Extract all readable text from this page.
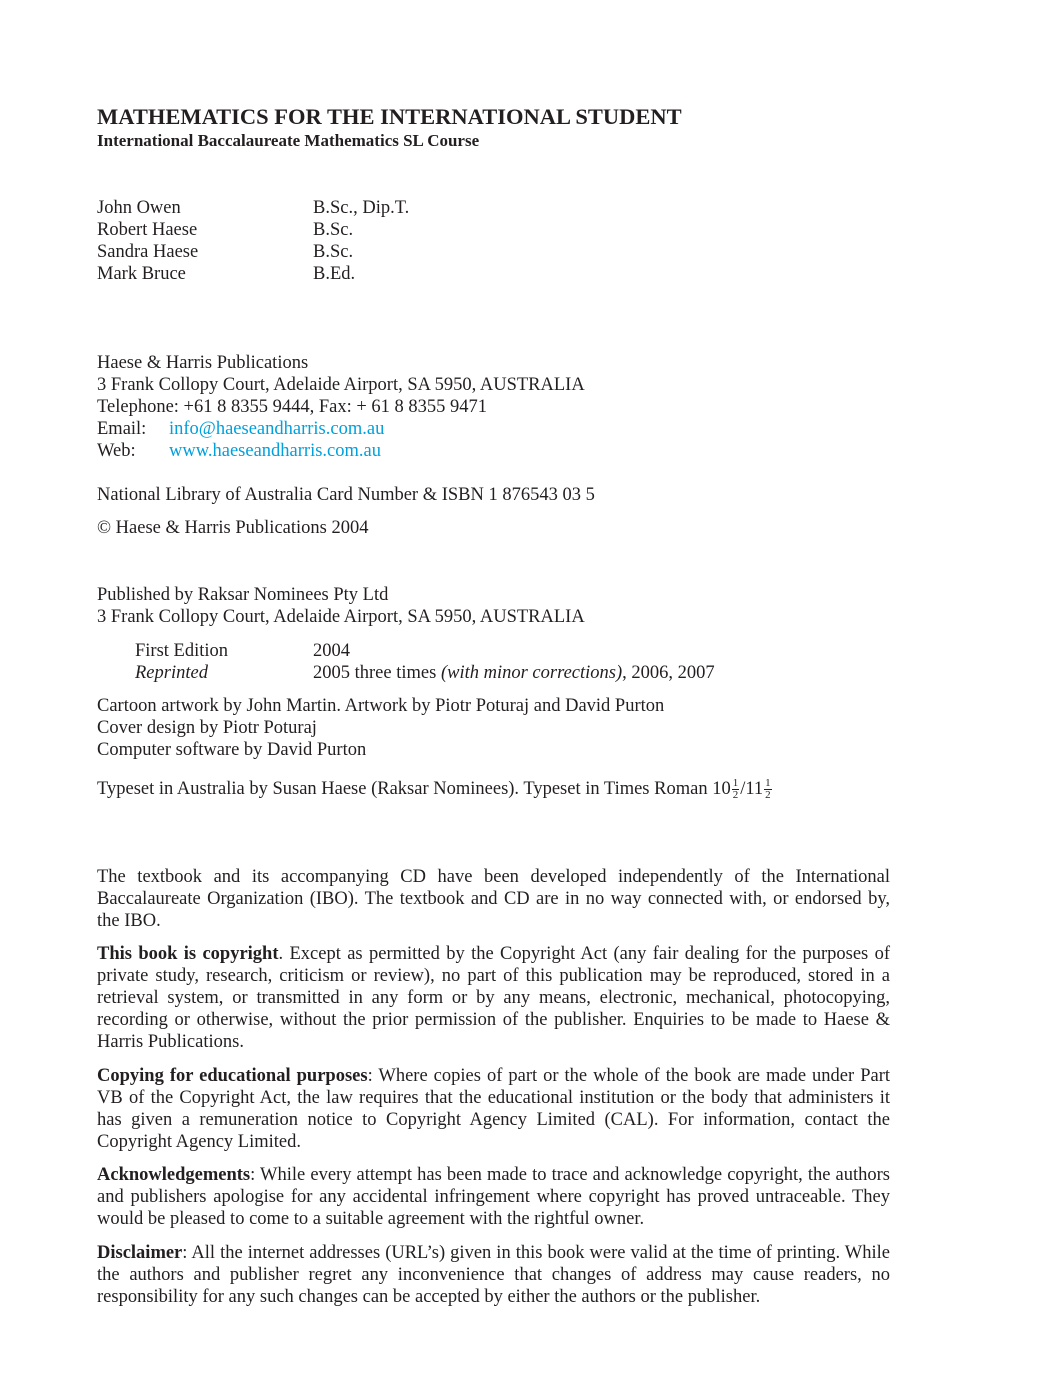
MATHEMATICS FOR THE INTERNATIONAL STUDENT
International Baccalaureate Mathematics SL Course
John Owen	B.Sc., Dip.T.
Robert Haese	B.Sc.
Sandra Haese	B.Sc.
Mark Bruce	B.Ed.
Haese & Harris Publications
3 Frank Collopy Court, Adelaide Airport, SA 5950, AUSTRALIA
Telephone: +61 8 8355 9444, Fax: + 61 8 8355 9471
Email: info@haeseandharris.com.au
Web: www.haeseandharris.com.au
National Library of Australia Card Number & ISBN 1 876543 03 5
© Haese & Harris Publications 2004
Published by Raksar Nominees Pty Ltd
3 Frank Collopy Court, Adelaide Airport, SA 5950, AUSTRALIA
First Edition	2004
Reprinted	2005 three times (with minor corrections), 2006, 2007
Cartoon artwork by John Martin. Artwork by Piotr Poturaj and David Purton
Cover design by Piotr Poturaj
Computer software by David Purton
Typeset in Australia by Susan Haese (Raksar Nominees). Typeset in Times Roman $10 \frac{1}{2} /11 \frac{1}{2}$
The textbook and its accompanying CD have been developed independently of the International Baccalaureate Organization (IBO). The textbook and CD are in no way connected with, or endorsed by, the IBO.
This book is copyright. Except as permitted by the Copyright Act (any fair dealing for the purposes of private study, research, criticism or review), no part of this publication may be reproduced, stored in a retrieval system, or transmitted in any form or by any means, electronic, mechanical, photocopying, recording or otherwise, without the prior permission of the publisher. Enquiries to be made to Haese & Harris Publications.
Copying for educational purposes: Where copies of part or the whole of the book are made under Part VB of the Copyright Act, the law requires that the educational institution or the body that administers it has given a remuneration notice to Copyright Agency Limited (CAL). For information, contact the Copyright Agency Limited.
Acknowledgements: While every attempt has been made to trace and acknowledge copyright, the authors and publishers apologise for any accidental infringement where copyright has proved untraceable. They would be pleased to come to a suitable agreement with the rightful owner.
Disclaimer: All the internet addresses (URL’s) given in this book were valid at the time of printing. While the authors and publisher regret any inconvenience that changes of address may cause readers, no responsibility for any such changes can be accepted by either the authors or the publisher.
